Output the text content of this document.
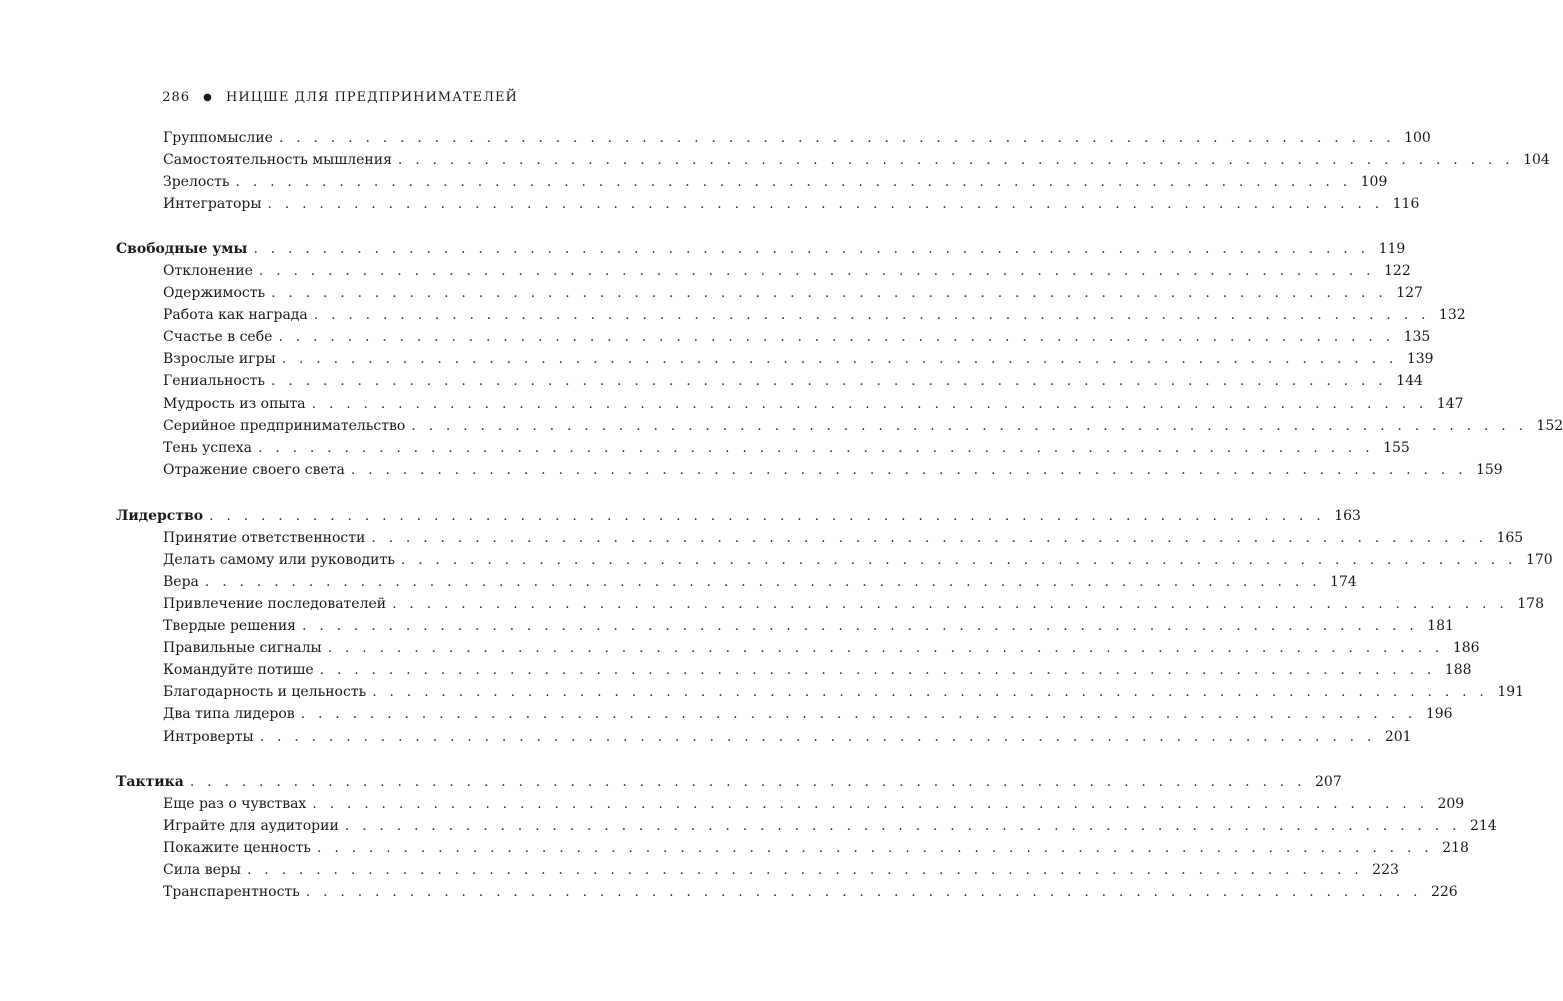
286 ● НИЦШЕ ДЛЯ ПРЕДПРИНИМАТЕЛЕЙ
Группомыслие . . . . . . . . . . . . . . . . . . . . . . . . . . . . . . . . . . . . . . . . . . . . . . . . . . . . . . . . . . . . . . . . . 100
Самостоятельность мышления . . . . . . . . . . . . . . . . . . . . . . . . . . . . . . . . . . . . . . . . . . . . . . . . . . . . . . . . . . . . . . . . . 104
Зрелость . . . . . . . . . . . . . . . . . . . . . . . . . . . . . . . . . . . . . . . . . . . . . . . . . . . . . . . . . . . . . . . . . 109
Интеграторы . . . . . . . . . . . . . . . . . . . . . . . . . . . . . . . . . . . . . . . . . . . . . . . . . . . . . . . . . . . . . . . . . 116
Свободные умы . . . . . . . . . . . . . . . . . . . . . . . . . . . . . . . . . . . . . . . . . . . . . . . . . . . . . . . . . . . . . . . . . 119
Отклонение . . . . . . . . . . . . . . . . . . . . . . . . . . . . . . . . . . . . . . . . . . . . . . . . . . . . . . . . . . . . . . . . . 122
Одержимость . . . . . . . . . . . . . . . . . . . . . . . . . . . . . . . . . . . . . . . . . . . . . . . . . . . . . . . . . . . . . . . . . 127
Работа как награда . . . . . . . . . . . . . . . . . . . . . . . . . . . . . . . . . . . . . . . . . . . . . . . . . . . . . . . . . . . . . . . . . 132
Счастье в себе . . . . . . . . . . . . . . . . . . . . . . . . . . . . . . . . . . . . . . . . . . . . . . . . . . . . . . . . . . . . . . . . . 135
Взрослые игры . . . . . . . . . . . . . . . . . . . . . . . . . . . . . . . . . . . . . . . . . . . . . . . . . . . . . . . . . . . . . . . . . 139
Гениальность . . . . . . . . . . . . . . . . . . . . . . . . . . . . . . . . . . . . . . . . . . . . . . . . . . . . . . . . . . . . . . . . . 144
Мудрость из опыта . . . . . . . . . . . . . . . . . . . . . . . . . . . . . . . . . . . . . . . . . . . . . . . . . . . . . . . . . . . . . . . . . 147
Серийное предпринимательство . . . . . . . . . . . . . . . . . . . . . . . . . . . . . . . . . . . . . . . . . . . . . . . . . . . . . . . . . . . . . . . . . 152
Тень успеха . . . . . . . . . . . . . . . . . . . . . . . . . . . . . . . . . . . . . . . . . . . . . . . . . . . . . . . . . . . . . . . . . 155
Отражение своего света . . . . . . . . . . . . . . . . . . . . . . . . . . . . . . . . . . . . . . . . . . . . . . . . . . . . . . . . . . . . . . . . . 159
Лидерство . . . . . . . . . . . . . . . . . . . . . . . . . . . . . . . . . . . . . . . . . . . . . . . . . . . . . . . . . . . . . . . . . 163
Принятие ответственности . . . . . . . . . . . . . . . . . . . . . . . . . . . . . . . . . . . . . . . . . . . . . . . . . . . . . . . . . . . . . . . . . 165
Делать самому или руководить . . . . . . . . . . . . . . . . . . . . . . . . . . . . . . . . . . . . . . . . . . . . . . . . . . . . . . . . . . . . . . . . . 170
Вера . . . . . . . . . . . . . . . . . . . . . . . . . . . . . . . . . . . . . . . . . . . . . . . . . . . . . . . . . . . . . . . . . 174
Привлечение последователей . . . . . . . . . . . . . . . . . . . . . . . . . . . . . . . . . . . . . . . . . . . . . . . . . . . . . . . . . . . . . . . . . 178
Твердые решения . . . . . . . . . . . . . . . . . . . . . . . . . . . . . . . . . . . . . . . . . . . . . . . . . . . . . . . . . . . . . . . . . 181
Правильные сигналы . . . . . . . . . . . . . . . . . . . . . . . . . . . . . . . . . . . . . . . . . . . . . . . . . . . . . . . . . . . . . . . . . 186
Командуйте потише . . . . . . . . . . . . . . . . . . . . . . . . . . . . . . . . . . . . . . . . . . . . . . . . . . . . . . . . . . . . . . . . . 188
Благодарность и цельность . . . . . . . . . . . . . . . . . . . . . . . . . . . . . . . . . . . . . . . . . . . . . . . . . . . . . . . . . . . . . . . . . 191
Два типа лидеров . . . . . . . . . . . . . . . . . . . . . . . . . . . . . . . . . . . . . . . . . . . . . . . . . . . . . . . . . . . . . . . . . 196
Интроверты . . . . . . . . . . . . . . . . . . . . . . . . . . . . . . . . . . . . . . . . . . . . . . . . . . . . . . . . . . . . . . . . . 201
Тактика . . . . . . . . . . . . . . . . . . . . . . . . . . . . . . . . . . . . . . . . . . . . . . . . . . . . . . . . . . . . . . . . . 207
Еще раз о чувствах . . . . . . . . . . . . . . . . . . . . . . . . . . . . . . . . . . . . . . . . . . . . . . . . . . . . . . . . . . . . . . . . . 209
Играйте для аудитории . . . . . . . . . . . . . . . . . . . . . . . . . . . . . . . . . . . . . . . . . . . . . . . . . . . . . . . . . . . . . . . . . 214
Покажите ценность . . . . . . . . . . . . . . . . . . . . . . . . . . . . . . . . . . . . . . . . . . . . . . . . . . . . . . . . . . . . . . . . . 218
Сила веры . . . . . . . . . . . . . . . . . . . . . . . . . . . . . . . . . . . . . . . . . . . . . . . . . . . . . . . . . . . . . . . . . 223
Транспарентность . . . . . . . . . . . . . . . . . . . . . . . . . . . . . . . . . . . . . . . . . . . . . . . . . . . . . . . . . . . . . . . . . 226
